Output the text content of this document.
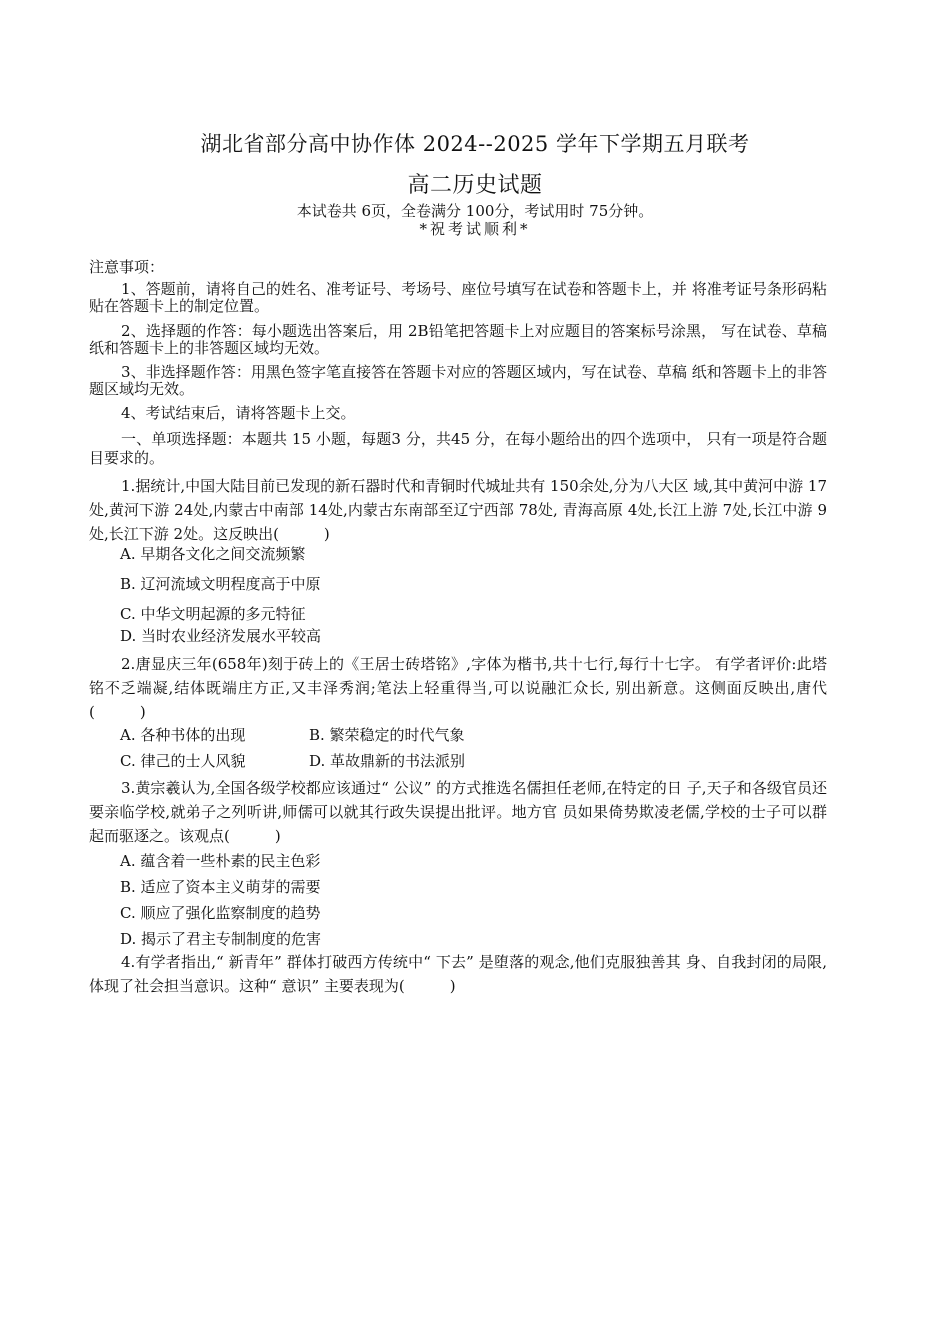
湖北省部分高中协作体 2024--2025 学年下学期五月联考
高二历史试题
本试卷共 6页，全卷满分 100分，考试用时 75分钟。
*祝考试顺利*
注意事项：
1、答题前，请将自己的姓名、准考证号、考场号、座位号填写在试卷和答题卡上，并 将准考证号条形码粘贴在答题卡上的制定位置。
2、选择题的作答：每小题选出答案后，用 2B铅笔把答题卡上对应题目的答案标号涂黑， 写在试卷、草稿纸和答题卡上的非答题区域均无效。
3、非选择题作答：用黑色签字笔直接答在答题卡对应的答题区域内，写在试卷、草稿 纸和答题卡上的非答题区域均无效。
4、考试结束后，请将答题卡上交。
一、单项选择题：本题共 15 小题，每题3 分，共45 分，在每小题给出的四个选项中， 只有一项是符合题目要求的。
1.据统计,中国大陆目前已发现的新石器时代和青铜时代城址共有 150余处,分为八大区 域,其中黄河中游 17处,黄河下游 24处,内蒙古中南部 14处,内蒙古东南部至辽宁西部 78处, 青海高原 4处,长江上游 7处,长江中游 9处,长江下游 2处。这反映出(　　　)
A. 早期各文化之间交流频繁
B. 辽河流域文明程度高于中原
C. 中华文明起源的多元特征
D. 当时农业经济发展水平较高
2.唐显庆三年(658年)刻于砖上的《王居士砖塔铭》,字体为楷书,共十七行,每行十七字。 有学者评价:此塔铭不乏端凝,结体既端庄方正,又丰泽秀润;笔法上轻重得当,可以说融汇众长, 别出新意。这侧面反映出,唐代(　　　)
A. 各种书体的出现	B. 繁荣稳定的时代气象
C. 律己的士人风貌	D. 革故鼎新的书法派别
3.黄宗羲认为,全国各级学校都应该通过“ 公议” 的方式推选名儒担任老师,在特定的日 子,天子和各级官员还要亲临学校,就弟子之列听讲,师儒可以就其行政失误提出批评。地方官 员如果倚势欺凌老儒,学校的士子可以群起而驱逐之。该观点(　　　)
A. 蕴含着一些朴素的民主色彩
B. 适应了资本主义萌芽的需要
C. 顺应了强化监察制度的趋势
D. 揭示了君主专制制度的危害
4.有学者指出,“ 新青年” 群体打破西方传统中“ 下去” 是堕落的观念,他们克服独善其 身、自我封闭的局限,体现了社会担当意识。这种“ 意识” 主要表现为(　　　)
